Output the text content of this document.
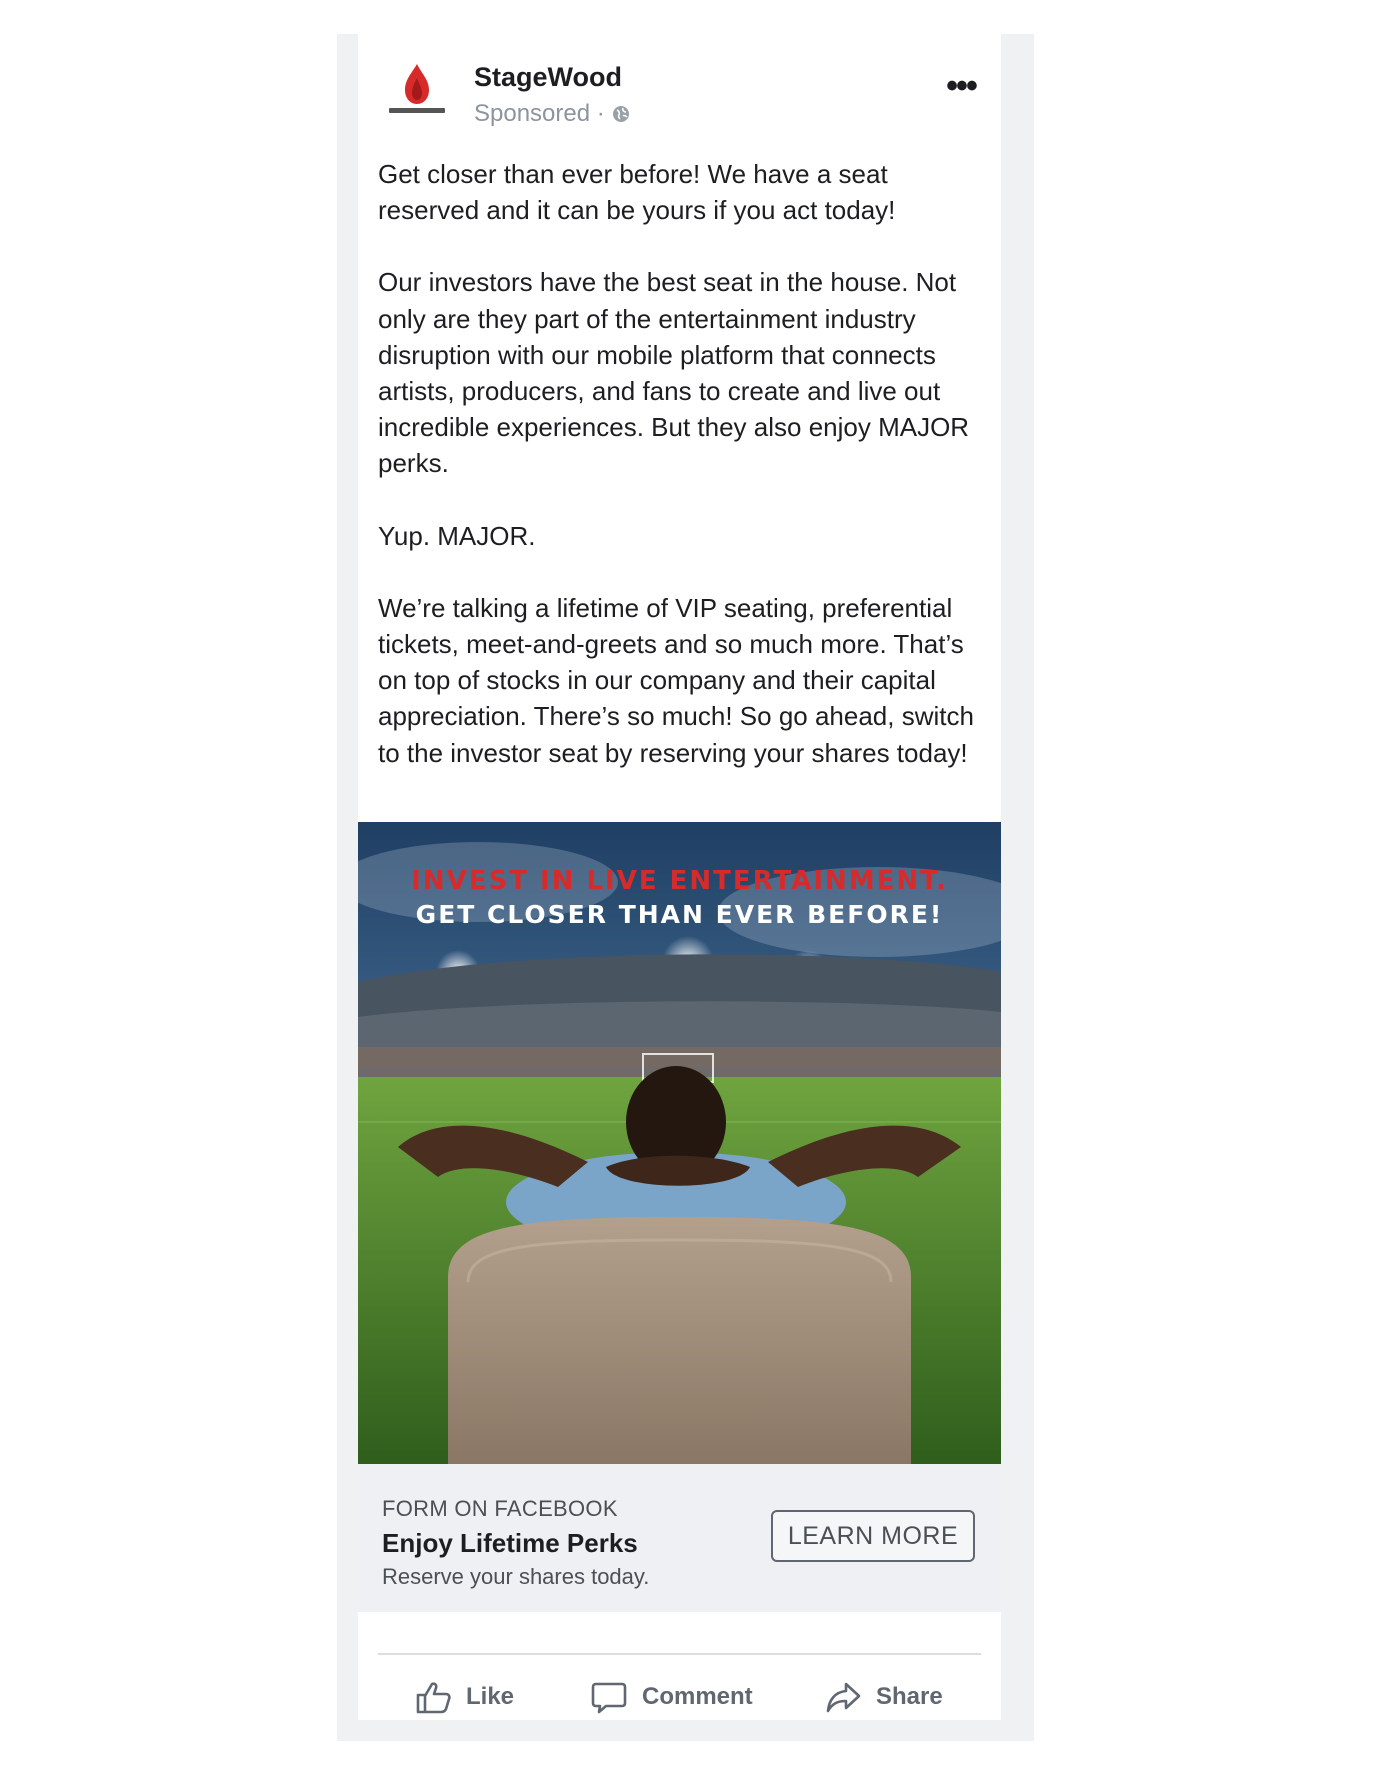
StageWood
Sponsored ·
•••

Get closer than ever before! We have a seat reserved and it can be yours if you act today!

Our investors have the best seat in the house. Not only are they part of the entertainment industry disruption with our mobile platform that connects artists, producers, and fans to create and live out incredible experiences. But they also enjoy MAJOR perks.

Yup. MAJOR.

We’re talking a lifetime of VIP seating, preferential tickets, meet-and-greets and so much more. That’s on top of stocks in our company and their capital appreciation. There’s so much! So go ahead, switch to the investor seat by reserving your shares today!

INVEST IN LIVE ENTERTAINMENT.
GET CLOSER THAN EVER BEFORE!
FORM ON FACEBOOK
Enjoy Lifetime Perks
Reserve your shares today.
LEARN MORE
Like	Comment	Share
